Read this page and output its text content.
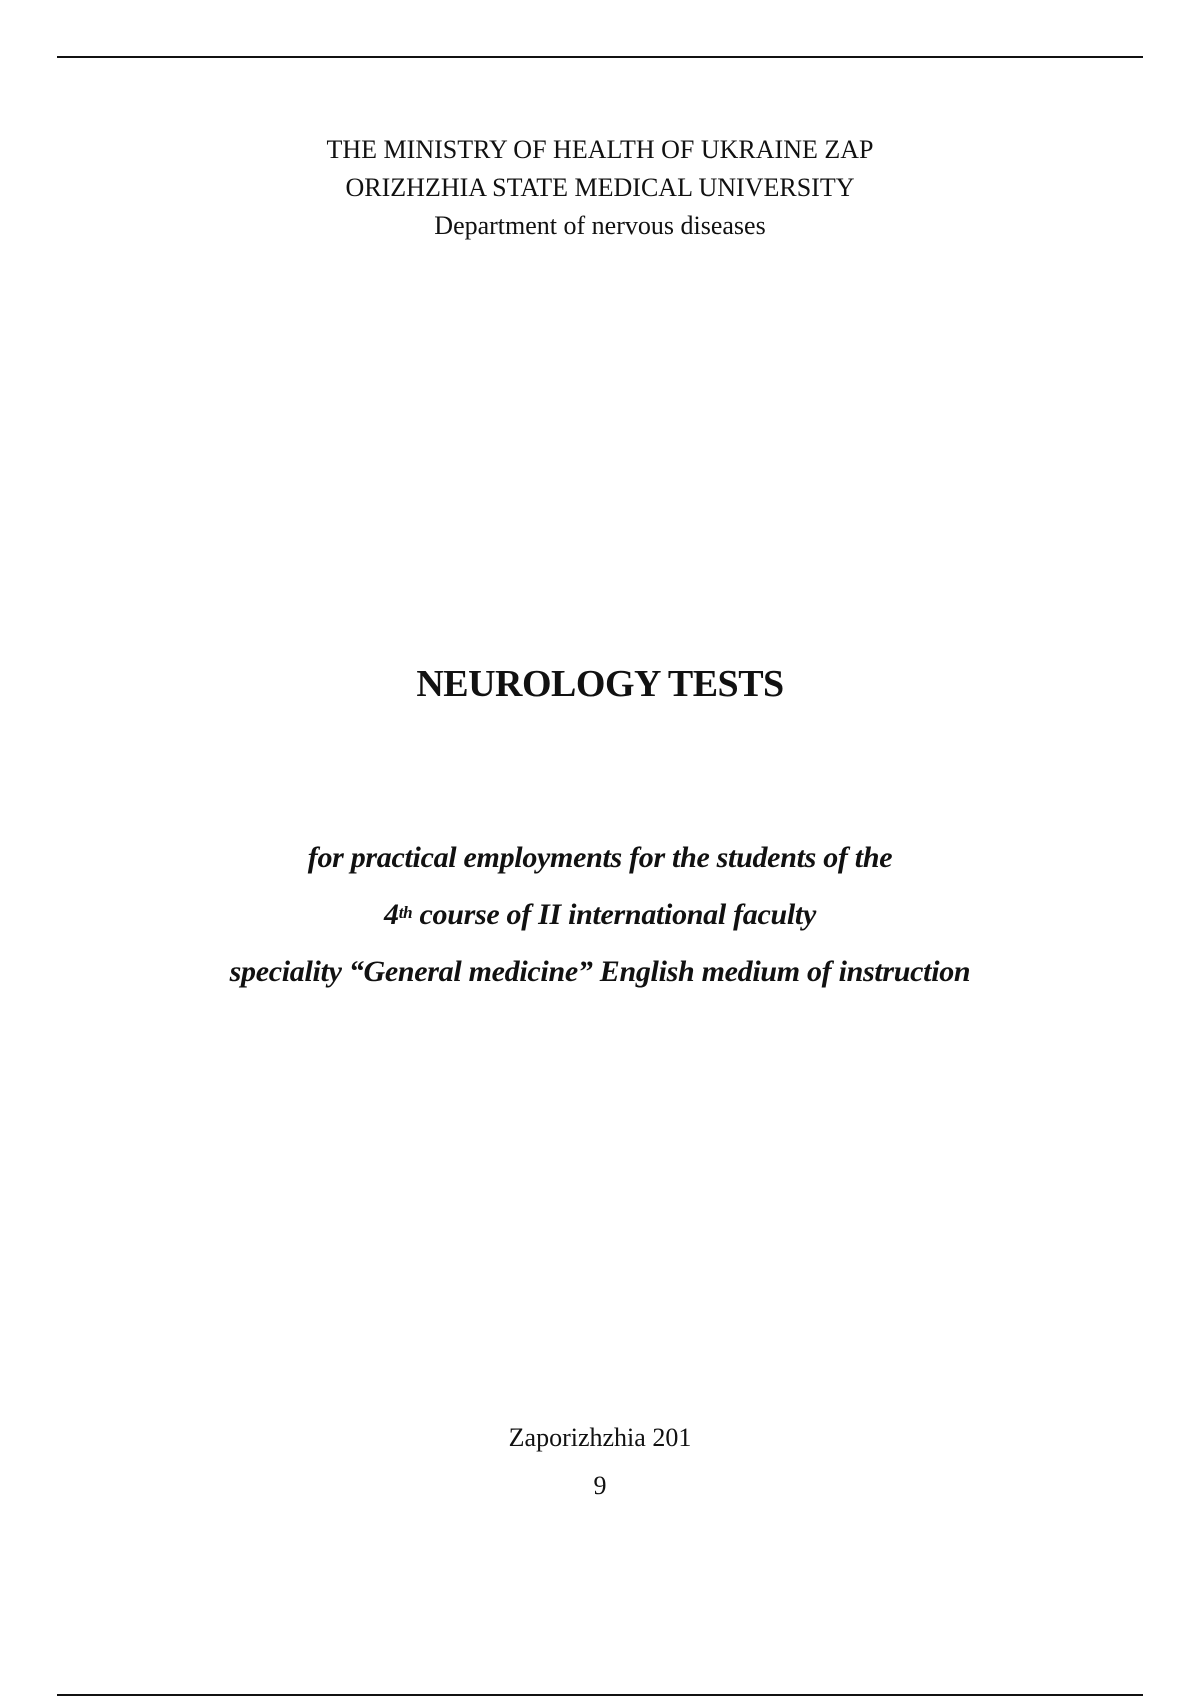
THE MINISTRY OF HEALTH OF UKRAINE ZAP
ORIZHZHIA STATE MEDICAL UNIVERSITY
Department of nervous diseases
NEUROLOGY TESTS
for practical employments for the students of the
4th course of II international faculty
speciality “General medicine” English medium of instruction
Zaporizhzhia 201
9
